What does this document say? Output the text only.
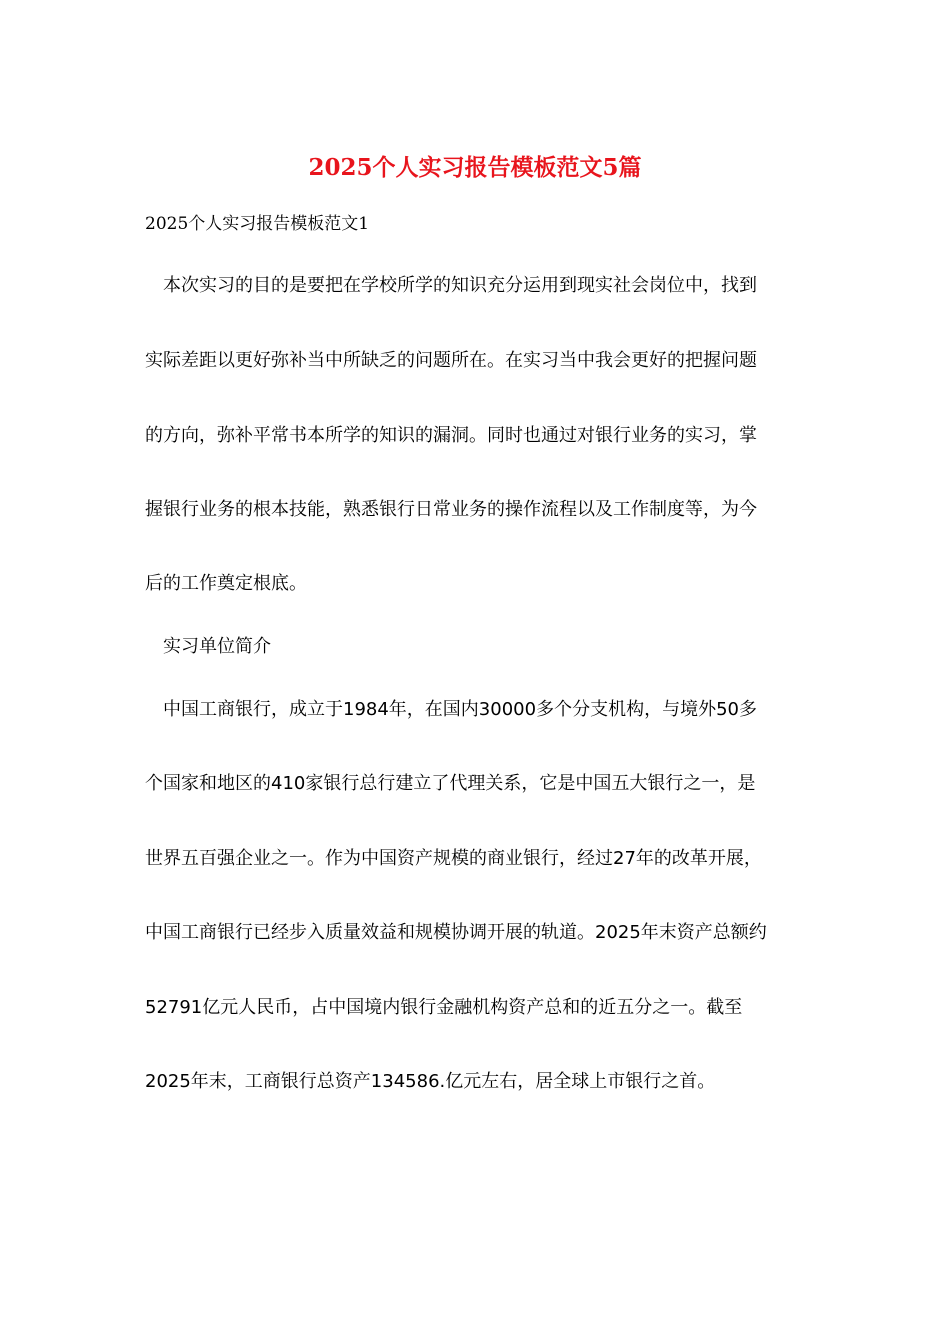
2025个人实习报告模板范文5篇

2025个人实习报告模板范文1

本次实习的目的是要把在学校所学的知识充分运用到现实社会岗位中，找到

实际差距以更好弥补当中所缺乏的问题所在。在实习当中我会更好的把握问题

的方向，弥补平常书本所学的知识的漏洞。同时也通过对银行业务的实习，掌

握银行业务的根本技能，熟悉银行日常业务的操作流程以及工作制度等，为今

后的工作奠定根底。

实习单位简介

中国工商银行，成立于1984年，在国内30000多个分支机构，与境外50多

个国家和地区的410家银行总行建立了代理关系，它是中国五大银行之一，是

世界五百强企业之一。作为中国资产规模的商业银行，经过27年的改革开展，

中国工商银行已经步入质量效益和规模协调开展的轨道。2025年末资产总额约

52791亿元人民币，占中国境内银行金融机构资产总和的近五分之一。截至

2025年末，工商银行总资产134586.亿元左右，居全球上市银行之首。
